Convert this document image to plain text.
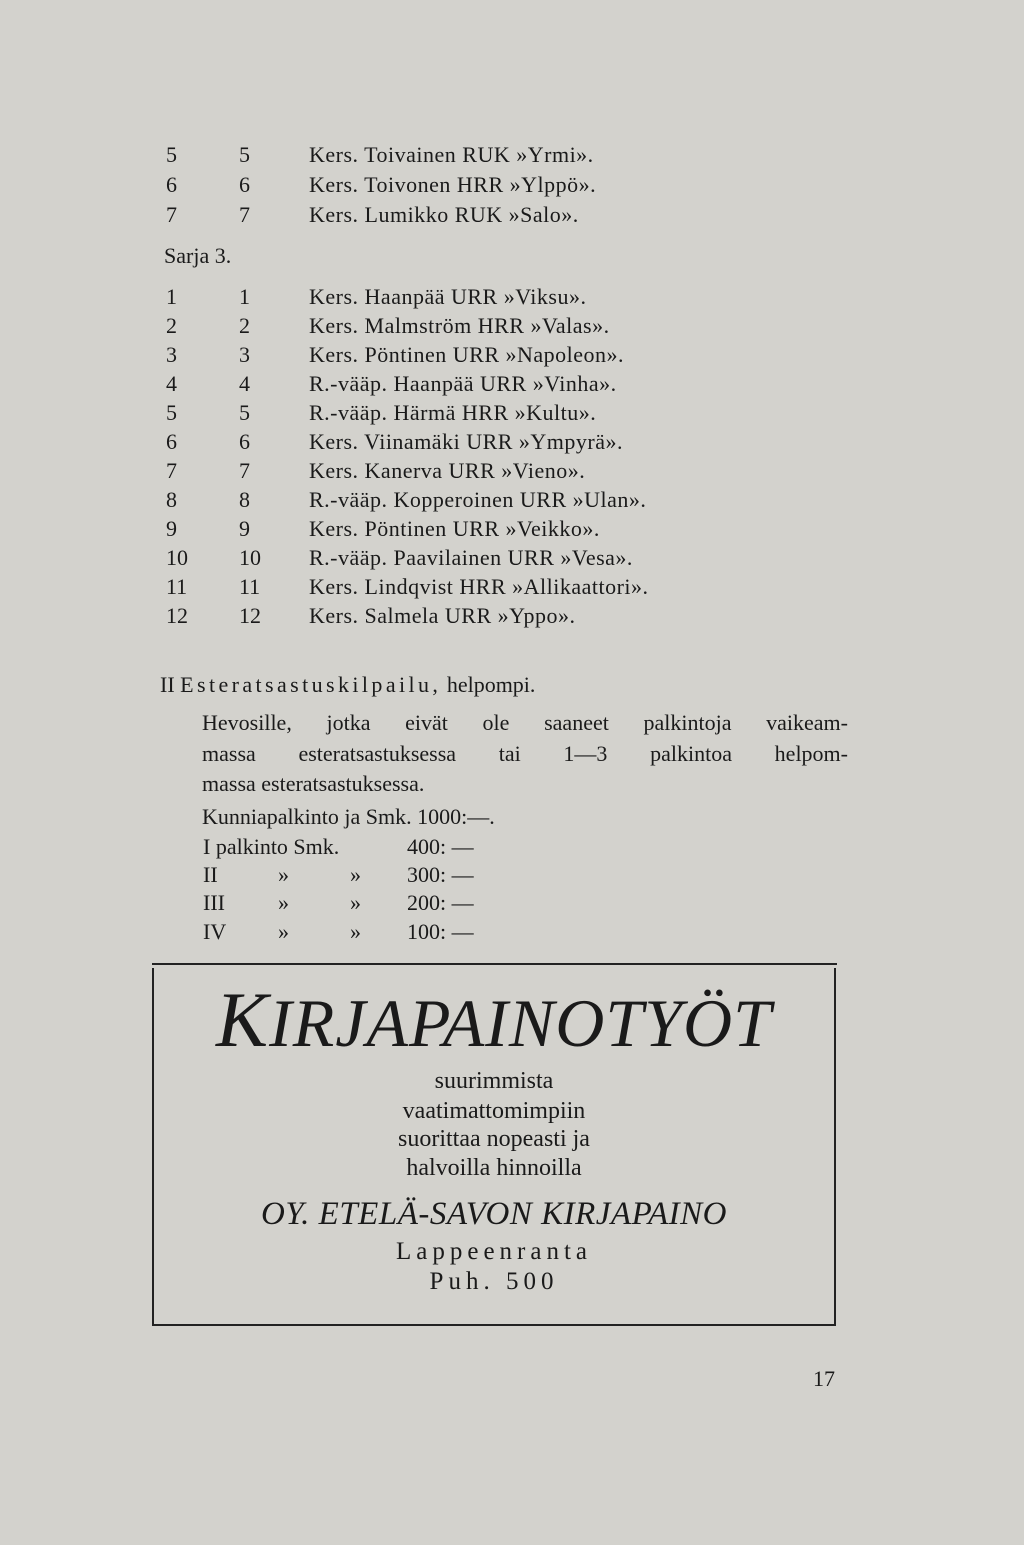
5	5	Kers. Toivainen RUK »Yrmi».
6	6	Kers. Toivonen HRR »Ylppö».
7	7	Kers. Lumikko RUK »Salo».
Sarja 3.
1	1	Kers. Haanpää URR »Viksu».
2	2	Kers. Malmström HRR »Valas».
3	3	Kers. Pöntinen URR »Napoleon».
4	4	R.-vääp. Haanpää URR »Vinha».
5	5	R.-vääp. Härmä HRR »Kultu».
6	6	Kers. Viinamäki URR »Ympyrä».
7	7	Kers. Kanerva URR »Vieno».
8	8	R.-vääp. Kopperoinen URR »Ulan».
9	9	Kers. Pöntinen URR »Veikko».
10 10 R.-vääp. Paavilainen URR »Vesa».
11 11 Kers. Lindqvist HRR »Allikaattori».
12 12 Kers. Salmela URR »Yppo».
II Esteratsastuskilpailu, helpompi.
Hevosille, jotka eivät ole saaneet palkintoja vaikeam-
massa esteratsastuksessa tai 1—3 palkintoa helpom-
massa esteratsastuksessa.
Kunniapalkinto ja Smk. 1000:—.
I palkinto Smk.	400: —
II	»	» 300: —
III »	» 200: —
IV »	» 100: —
KIRJAPAINOTYÖT
suurimmista
vaatimattomimpiin
suorittaa nopeasti ja
halvoilla hinnoilla
OY. ETELÄ-SAVON KIRJAPAINO
Lappeenranta
Puh. 500
17
